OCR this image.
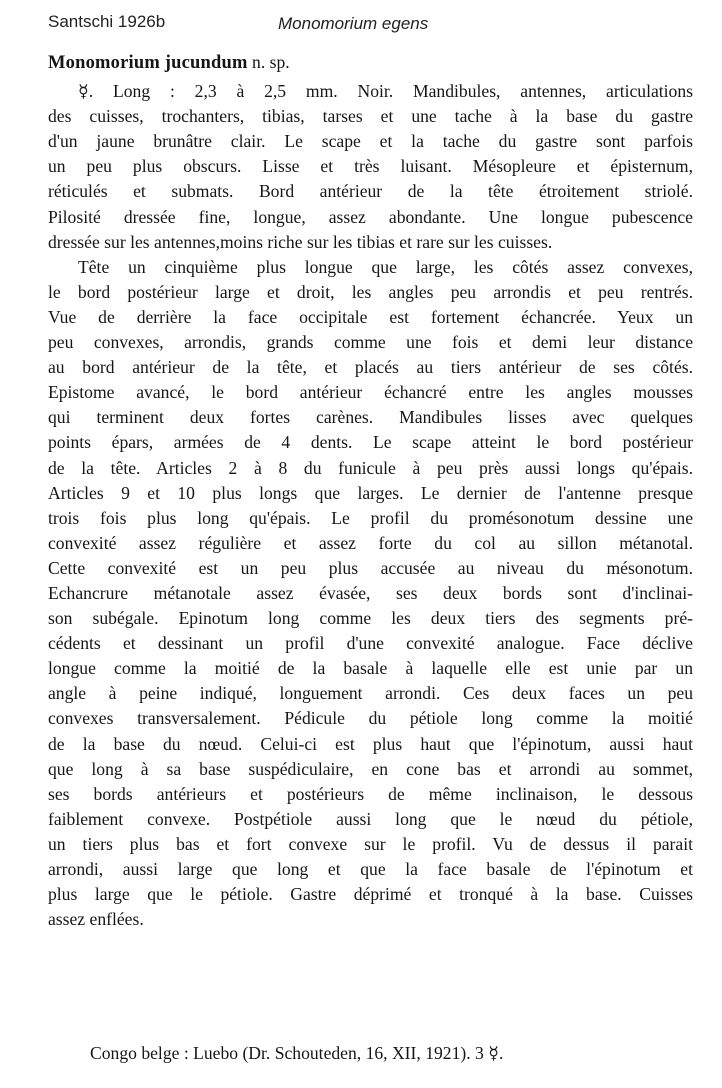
Santschi 1926b	Monomorium egens

Monomorium jucundum n. sp.

☿. Long : 2,3 à 2,5 mm. Noir. Mandibules, antennes, articulations
des cuisses, trochanters, tibias, tarses et une tache à la base du gastre
d'un jaune brunâtre clair. Le scape et la tache du gastre sont parfois
un peu plus obscurs. Lisse et très luisant. Mésopleure et épisternum,
réticulés et submats. Bord antérieur de la tête étroitement striolé.
Pilosité dressée fine, longue, assez abondante. Une longue pubescence
dressée sur les antennes,moins riche sur les tibias et rare sur les cuisses.

Tête un cinquième plus longue que large, les côtés assez convexes,
le bord postérieur large et droit, les angles peu arrondis et peu rentrés.
Vue de derrière la face occipitale est fortement échancrée. Yeux un
peu convexes, arrondis, grands comme une fois et demi leur distance
au bord antérieur de la tête, et placés au tiers antérieur de ses côtés.
Epistome avancé, le bord antérieur échancré entre les angles mousses
qui terminent deux fortes carènes. Mandibules lisses avec quelques
points épars, armées de 4 dents. Le scape atteint le bord postérieur
de la tête. Articles 2 à 8 du funicule à peu près aussi longs qu'épais.
Articles 9 et 10 plus longs que larges. Le dernier de l'antenne presque
trois fois plus long qu'épais. Le profil du promésonotum dessine une
convexité assez régulière et assez forte du col au sillon métanotal.
Cette convexité est un peu plus accusée au niveau du mésonotum.
Echancrure métanotale assez évasée, ses deux bords sont d'inclinai-
son subégale. Epinotum long comme les deux tiers des segments pré-
cédents et dessinant un profil d'une convexité analogue. Face déclive
longue comme la moitié de la basale à laquelle elle est unie par un
angle à peine indiqué, longuement arrondi. Ces deux faces un peu
convexes transversalement. Pédicule du pétiole long comme la moitié
de la base du nœud. Celui-ci est plus haut que l'épinotum, aussi haut
que long à sa base suspédiculaire, en cone bas et arrondi au sommet,
ses bords antérieurs et postérieurs de même inclinaison, le dessous
faiblement convexe. Postpétiole aussi long que le nœud du pétiole,
un tiers plus bas et fort convexe sur le profil. Vu de dessus il parait
arrondi, aussi large que long et que la face basale de l'épinotum et
plus large que le pétiole. Gastre déprimé et tronqué à la base. Cuisses
assez enflées.

Congo belge : Luebo (Dr. Schouteden, 16, XII, 1921). 3 ☿.
